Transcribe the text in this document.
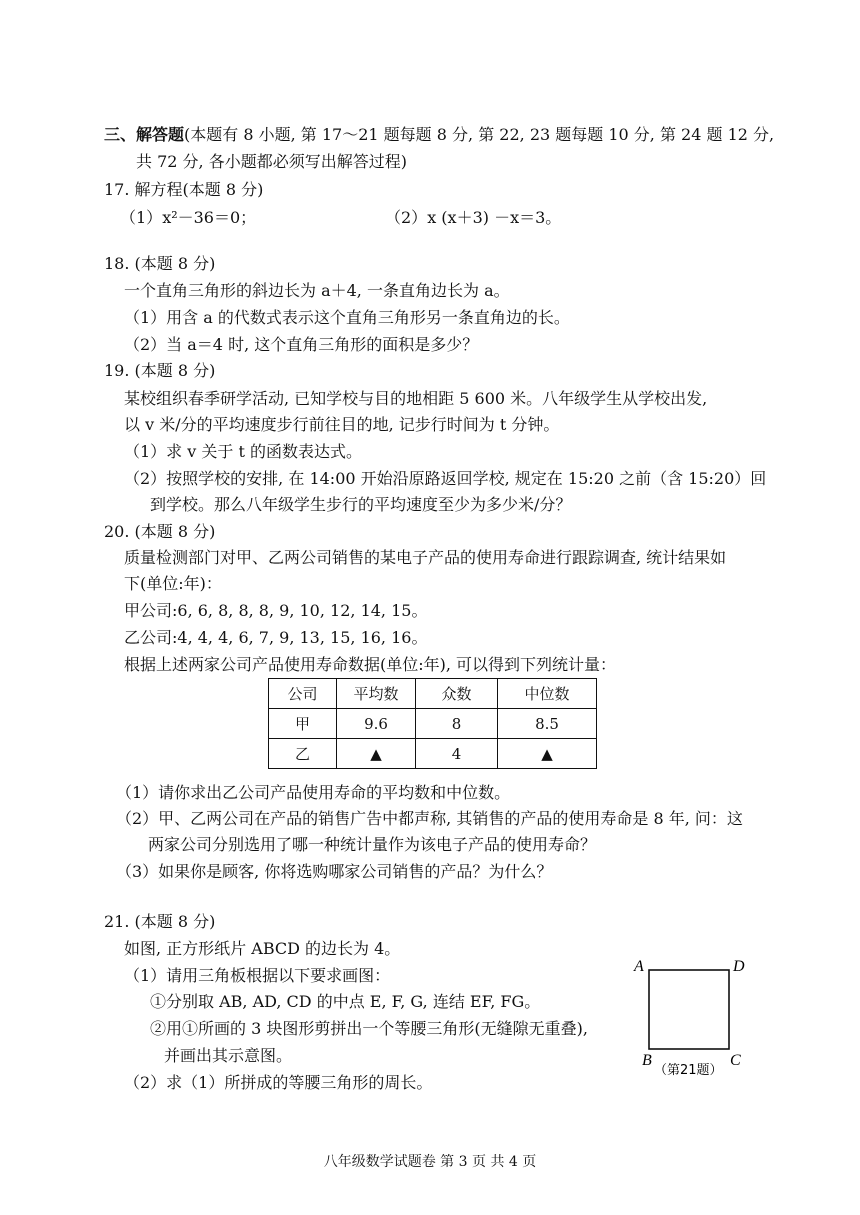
三、解答题(本题有 8 小题, 第 17～21 题每题 8 分, 第 22, 23 题每题 10 分, 第 24 题 12 分,
共 72 分, 各小题都必须写出解答过程)
17. 解方程(本题 8 分)
（1）x²－36＝0；	（2）x (x＋3) －x＝3。
18. (本题 8 分)
一个直角三角形的斜边长为 a＋4, 一条直角边长为 a。
（1）用含 a 的代数式表示这个直角三角形另一条直角边的长。
（2）当 a＝4 时, 这个直角三角形的面积是多少？
19. (本题 8 分)
某校组织春季研学活动, 已知学校与目的地相距 5 600 米。八年级学生从学校出发,
以 v 米/分的平均速度步行前往目的地, 记步行时间为 t 分钟。
（1）求 v 关于 t 的函数表达式。
（2）按照学校的安排, 在 14:00 开始沿原路返回学校, 规定在 15:20 之前（含 15:20）回
到学校。那么八年级学生步行的平均速度至少为多少米/分？
20. (本题 8 分)
质量检测部门对甲、乙两公司销售的某电子产品的使用寿命进行跟踪调查, 统计结果如
下(单位:年)：
甲公司:6, 6, 8, 8, 8, 9, 10, 12, 14, 15。
乙公司:4, 4, 4, 6, 7, 9, 13, 15, 16, 16。
根据上述两家公司产品使用寿命数据(单位:年), 可以得到下列统计量：
公司	平均数	众数	中位数
甲	9.6	8	8.5
乙	▲	4	▲
（1）请你求出乙公司产品使用寿命的平均数和中位数。
（2）甲、乙两公司在产品的销售广告中都声称, 其销售的产品的使用寿命是 8 年, 问：这
两家公司分别选用了哪一种统计量作为该电子产品的使用寿命？
（3）如果你是顾客, 你将选购哪家公司销售的产品？为什么？
21. (本题 8 分)
如图, 正方形纸片 ABCD 的边长为 4。
（1）请用三角板根据以下要求画图：
①分别取 AB, AD, CD 的中点 E, F, G, 连结 EF, FG。
②用①所画的 3 块图形剪拼出一个等腰三角形(无缝隙无重叠),
并画出其示意图。
（2）求（1）所拼成的等腰三角形的周长。
A	D
B	C
（第21题）
八年级数学试题卷 第 3 页 共 4 页
